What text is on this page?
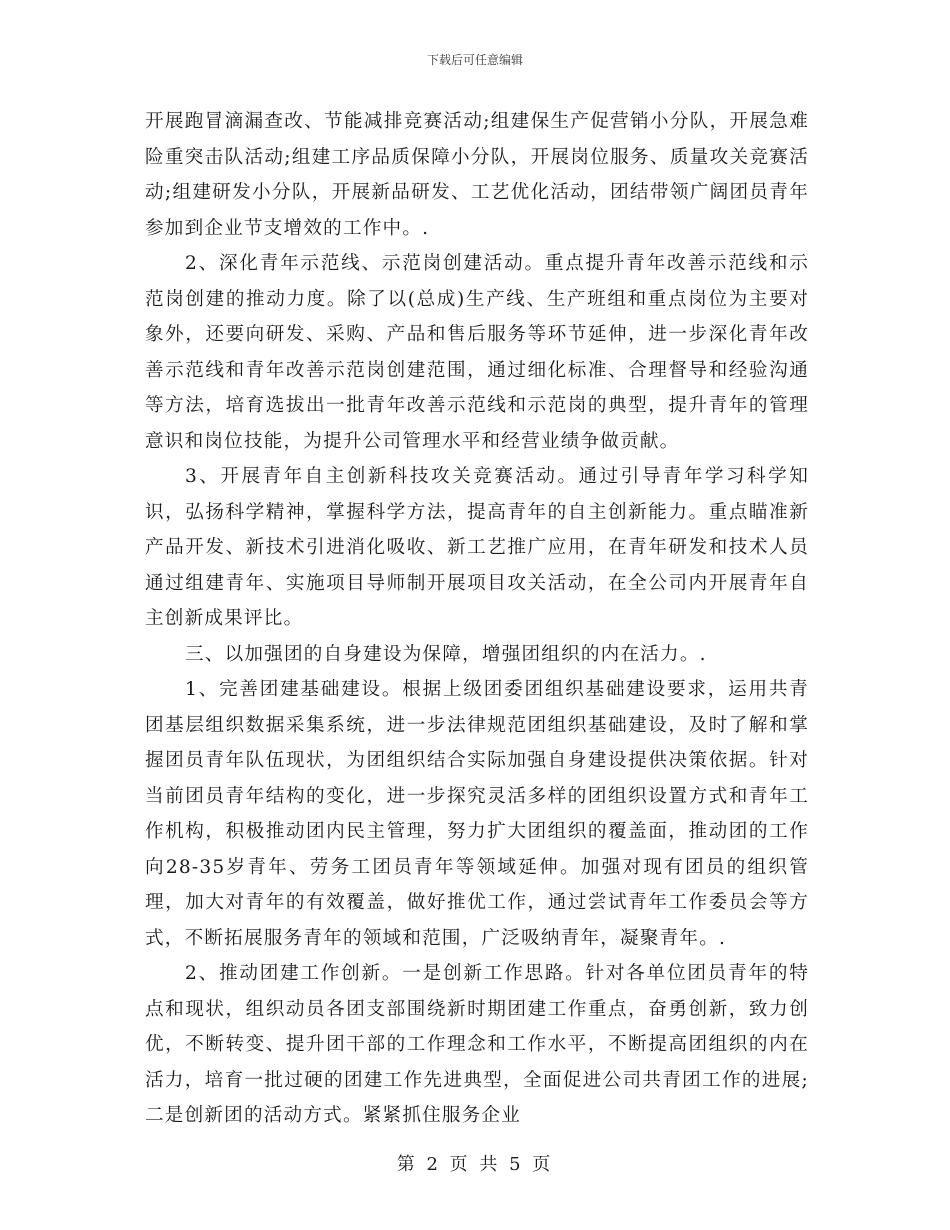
下载后可任意编辑

开展跑冒滴漏查改、节能减排竞赛活动;组建保生产促营销小分队，开展急难险重突击队活动;组建工序品质保障小分队，开展岗位服务、质量攻关竞赛活动;组建研发小分队，开展新品研发、工艺优化活动，团结带领广阔团员青年参加到企业节支增效的工作中。.

2、深化青年示范线、示范岗创建活动。重点提升青年改善示范线和示范岗创建的推动力度。除了以(总成)生产线、生产班组和重点岗位为主要对象外，还要向研发、采购、产品和售后服务等环节延伸，进一步深化青年改善示范线和青年改善示范岗创建范围，通过细化标准、合理督导和经验沟通等方法，培育选拔出一批青年改善示范线和示范岗的典型，提升青年的管理意识和岗位技能，为提升公司管理水平和经营业绩争做贡献。

3、开展青年自主创新科技攻关竞赛活动。通过引导青年学习科学知识，弘扬科学精神，掌握科学方法，提高青年的自主创新能力。重点瞄准新产品开发、新技术引进消化吸收、新工艺推广应用，在青年研发和技术人员通过组建青年、实施项目导师制开展项目攻关活动，在全公司内开展青年自主创新成果评比。

三、以加强团的自身建设为保障，增强团组织的内在活力。.

1、完善团建基础建设。根据上级团委团组织基础建设要求，运用共青团基层组织数据采集系统，进一步法律规范团组织基础建设，及时了解和掌握团员青年队伍现状，为团组织结合实际加强自身建设提供决策依据。针对当前团员青年结构的变化，进一步探究灵活多样的团组织设置方式和青年工作机构，积极推动团内民主管理，努力扩大团组织的覆盖面，推动团的工作向28-35岁青年、劳务工团员青年等领域延伸。加强对现有团员的组织管理，加大对青年的有效覆盖，做好推优工作，通过尝试青年工作委员会等方式，不断拓展服务青年的领域和范围，广泛吸纳青年，凝聚青年。.

2、推动团建工作创新。一是创新工作思路。针对各单位团员青年的特点和现状，组织动员各团支部围绕新时期团建工作重点，奋勇创新，致力创优，不断转变、提升团干部的工作理念和工作水平，不断提高团组织的内在活力，培育一批过硬的团建工作先进典型，全面促进公司共青团工作的进展;二是创新团的活动方式。紧紧抓住服务企业

第 2 页 共 5 页
